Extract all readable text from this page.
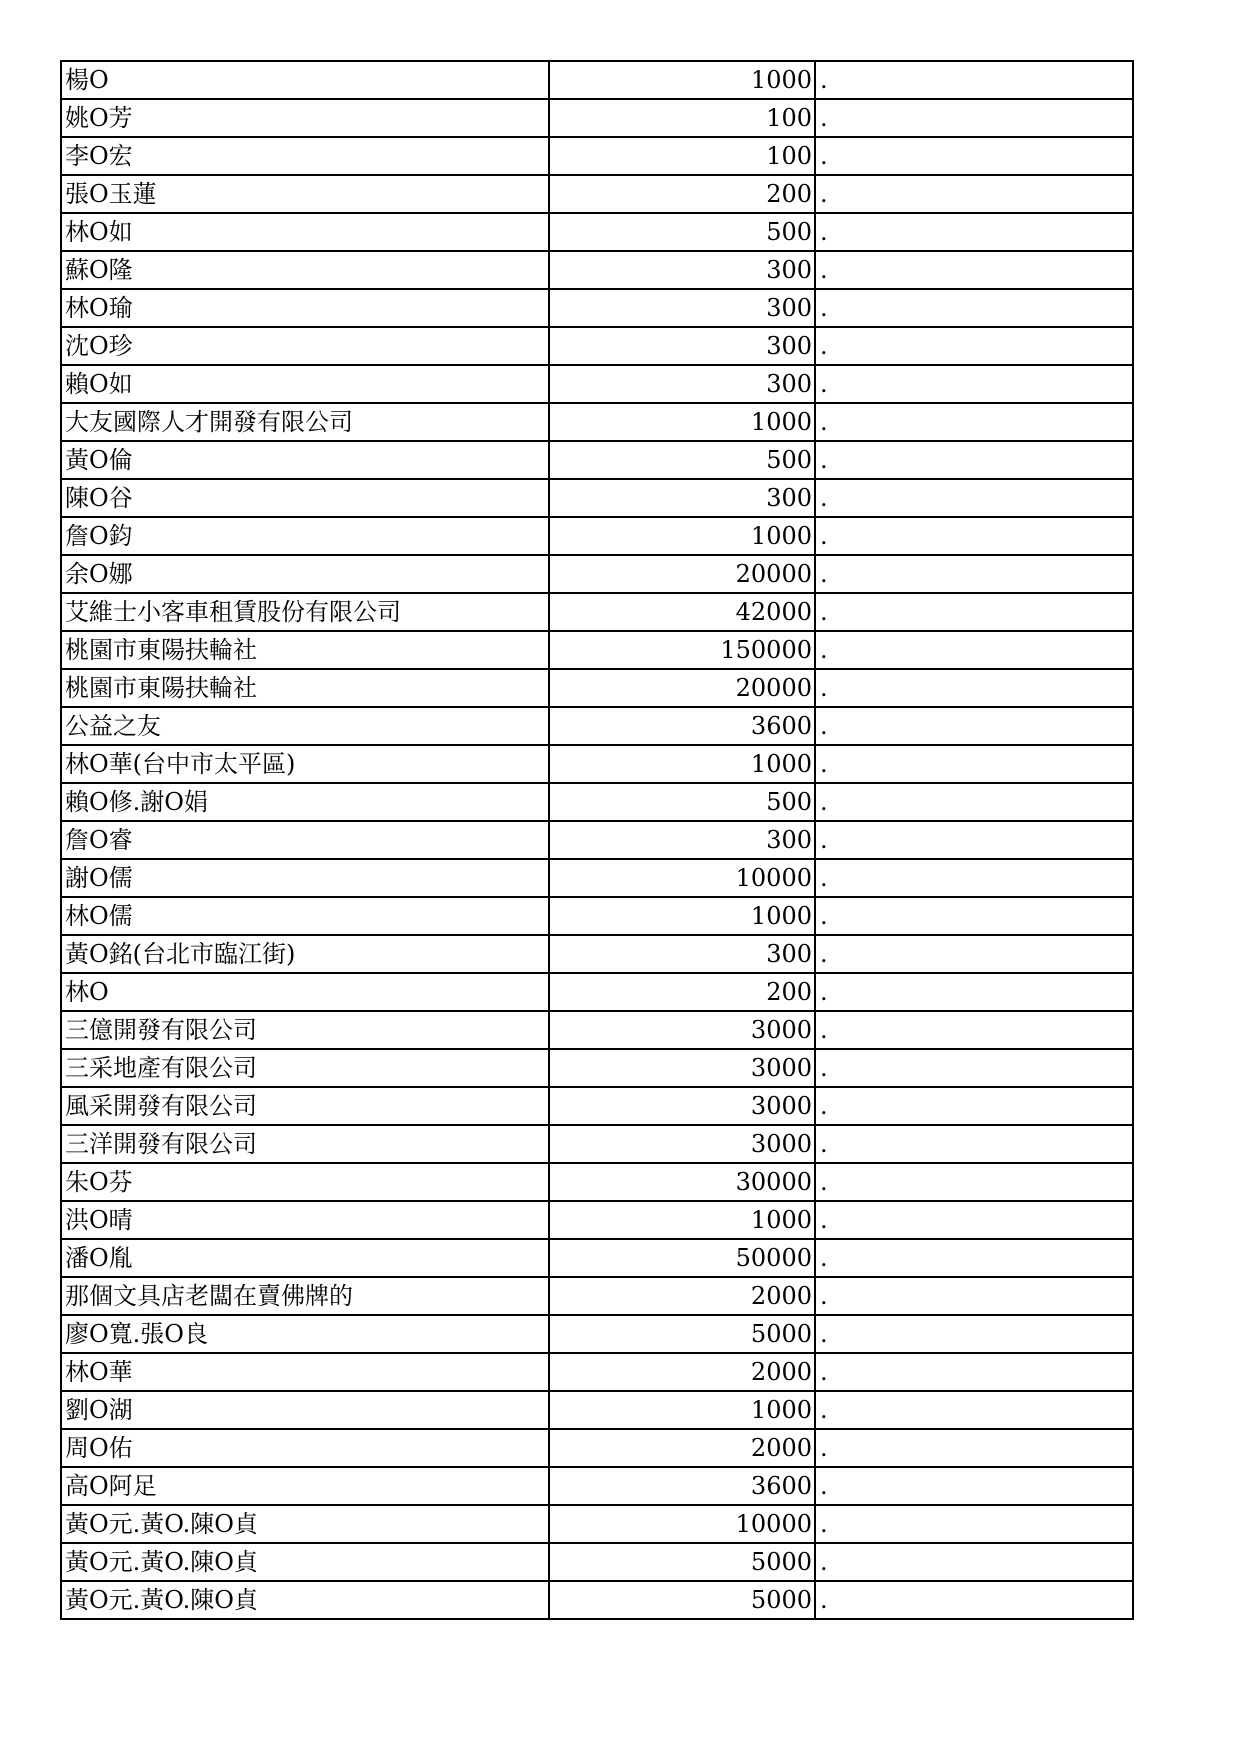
楊O	1000	.
姚O芳	100	.
李O宏	100	.
張O玉蓮	200	.
林O如	500	.
蘇O隆	300	.
林O瑜	300	.
沈O珍	300	.
賴O如	300	.
大友國際人才開發有限公司	1000	.
黃O倫	500	.
陳O谷	300	.
詹O鈞	1000	.
余O娜	20000	.
艾維士小客車租賃股份有限公司	42000	.
桃園市東陽扶輪社	150000	.
桃園市東陽扶輪社	20000	.
公益之友	3600	.
林O華(台中市太平區)	1000	.
賴O修.謝O娟	500	.
詹O睿	300	.
謝O儒	10000	.
林O儒	1000	.
黃O銘(台北市臨江街)	300	.
林O	200	.
三億開發有限公司	3000	.
三采地產有限公司	3000	.
風采開發有限公司	3000	.
三洋開發有限公司	3000	.
朱O芬	30000	.
洪O晴	1000	.
潘O胤	50000	.
那個文具店老闆在賣佛牌的	2000	.
廖O寬.張O良	5000	.
林O華	2000	.
劉O湖	1000	.
周O佑	2000	.
高O阿足	3600	.
黃O元.黃O.陳O貞	10000	.
黃O元.黃O.陳O貞	5000	.
黃O元.黃O.陳O貞	5000	.
